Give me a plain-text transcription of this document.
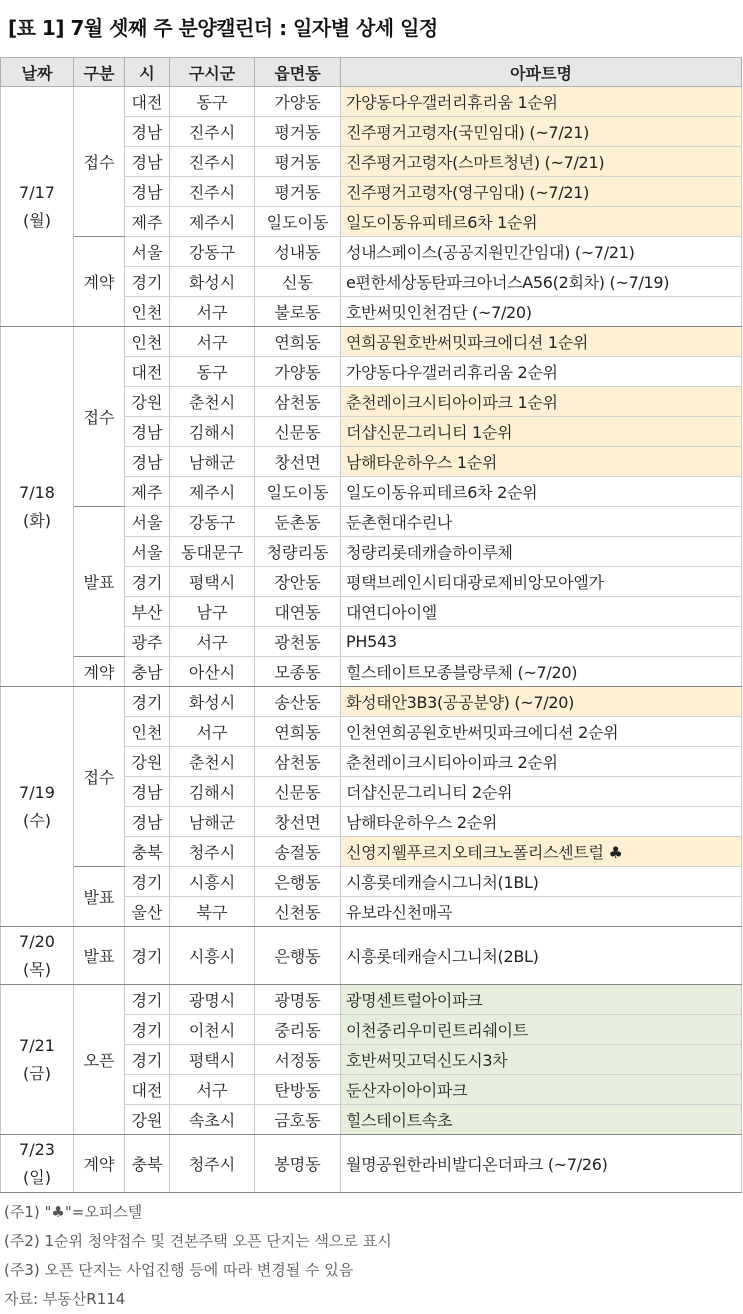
[표 1] 7월 셋째 주 분양캘린더 : 일자별 상세 일정
날짜	구분	시	구시군	읍면동	아파트명

7/17
(월)	접수	대전	동구	가양동	가양동다우갤러리휴리움 1순위
		경남	진주시	평거동	진주평거고령자(국민임대) (~7/21)
		경남	진주시	평거동	진주평거고령자(스마트청년) (~7/21)
		경남	진주시	평거동	진주평거고령자(영구임대) (~7/21)
		제주	제주시	일도이동	일도이동유피테르6차 1순위
	계약	서울	강동구	성내동	성내스페이스(공공지원민간임대) (~7/21)
		경기	화성시	신동	e편한세상동탄파크아너스A56(2회차) (~7/19)
		인천	서구	불로동	호반써밋인천검단 (~7/20)

7/18
(화)	접수	인천	서구	연희동	연희공원호반써밋파크에디션 1순위
		대전	동구	가양동	가양동다우갤러리휴리움 2순위
		강원	춘천시	삼천동	춘천레이크시티아이파크 1순위
		경남	김해시	신문동	더샵신문그리니티 1순위
		경남	남해군	창선면	남해타운하우스 1순위
		제주	제주시	일도이동	일도이동유피테르6차 2순위
	발표	서울	강동구	둔촌동	둔촌현대수린나
		서울	동대문구	청량리동	청량리롯데캐슬하이루체
		경기	평택시	장안동	평택브레인시티대광로제비앙모아엘가
		부산	남구	대연동	대연디아이엘
		광주	서구	광천동	PH543
	계약	충남	아산시	모종동	힐스테이트모종블랑루체 (~7/20)

7/19
(수)	접수	경기	화성시	송산동	화성태안3B3(공공분양) (~7/20)
		인천	서구	연희동	인천연희공원호반써밋파크에디션 2순위
		강원	춘천시	삼천동	춘천레이크시티아이파크 2순위
		경남	김해시	신문동	더샵신문그리니티 2순위
		경남	남해군	창선면	남해타운하우스 2순위
		충북	청주시	송절동	신영지웰푸르지오테크노폴리스센트럴 ♣
	발표	경기	시흥시	은행동	시흥롯데캐슬시그니처(1BL)
		울산	북구	신천동	유보라신천매곡

7/20
(목)	발표	경기	시흥시	은행동	시흥롯데캐슬시그니처(2BL)

7/21
(금)	오픈	경기	광명시	광명동	광명센트럴아이파크
		경기	이천시	중리동	이천중리우미린트리쉐이트
		경기	평택시	서정동	호반써밋고덕신도시3차
		대전	서구	탄방동	둔산자이아이파크
		강원	속초시	금호동	힐스테이트속초

7/23
(일)	계약	충북	청주시	봉명동	월명공원한라비발디온더파크 (~7/26)
(주1) "♣"=오피스텔
(주2) 1순위 청약접수 및 견본주택 오픈 단지는 색으로 표시
(주3) 오픈 단지는 사업진행 등에 따라 변경될 수 있음
자료: 부동산R114
